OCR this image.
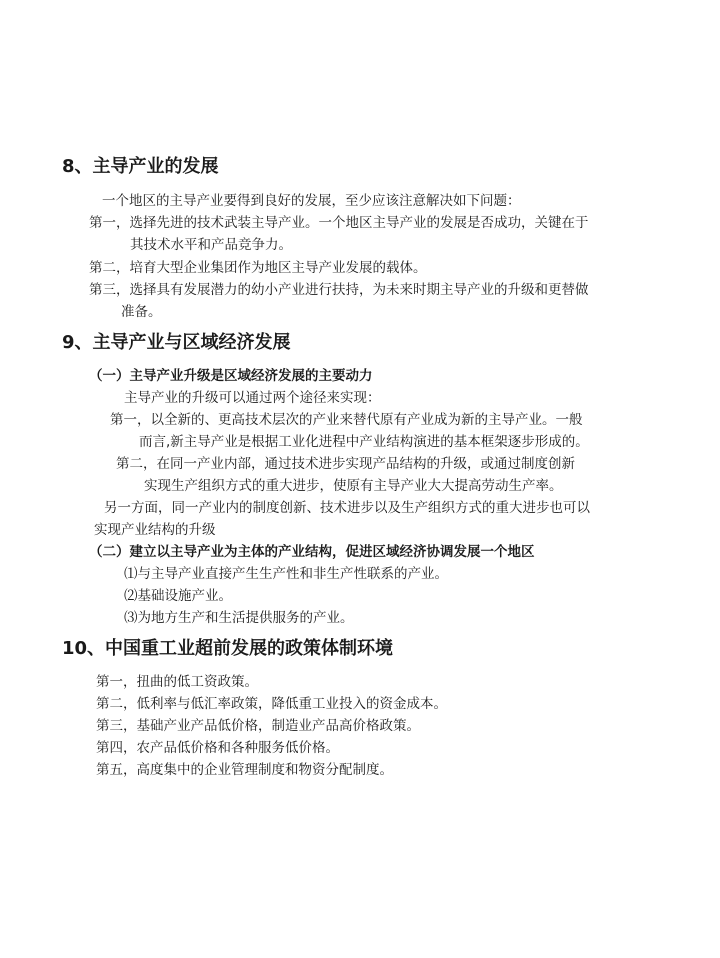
8、主导产业的发展
一个地区的主导产业要得到良好的发展，至少应该注意解决如下问题：
第一，选择先进的技术武装主导产业。一个地区主导产业的发展是否成功，关键在于
其技术水平和产品竞争力。
第二，培育大型企业集团作为地区主导产业发展的载体。
第三，选择具有发展潜力的幼小产业进行扶持，为未来时期主导产业的升级和更替做
准备。
9、主导产业与区域经济发展
（一）主导产业升级是区域经济发展的主要动力
主导产业的升级可以通过两个途径来实现：
第一，以全新的、更高技术层次的产业来替代原有产业成为新的主导产业。一般
而言,新主导产业是根据工业化进程中产业结构演进的基本框架逐步形成的。
第二，在同一产业内部，通过技术进步实现产品结构的升级，或通过制度创新
实现生产组织方式的重大进步，使原有主导产业大大提高劳动生产率。
另一方面，同一产业内的制度创新、技术进步以及生产组织方式的重大进步也可以
实现产业结构的升级
（二）建立以主导产业为主体的产业结构，促进区域经济协调发展一个地区
⑴与主导产业直接产生生产性和非生产性联系的产业。
⑵基础设施产业。
⑶为地方生产和生活提供服务的产业。
10、中国重工业超前发展的政策体制环境
第一，扭曲的低工资政策。
第二，低利率与低汇率政策，降低重工业投入的资金成本。
第三，基础产业产品低价格，制造业产品高价格政策。
第四，农产品低价格和各种服务低价格。
第五，高度集中的企业管理制度和物资分配制度。
